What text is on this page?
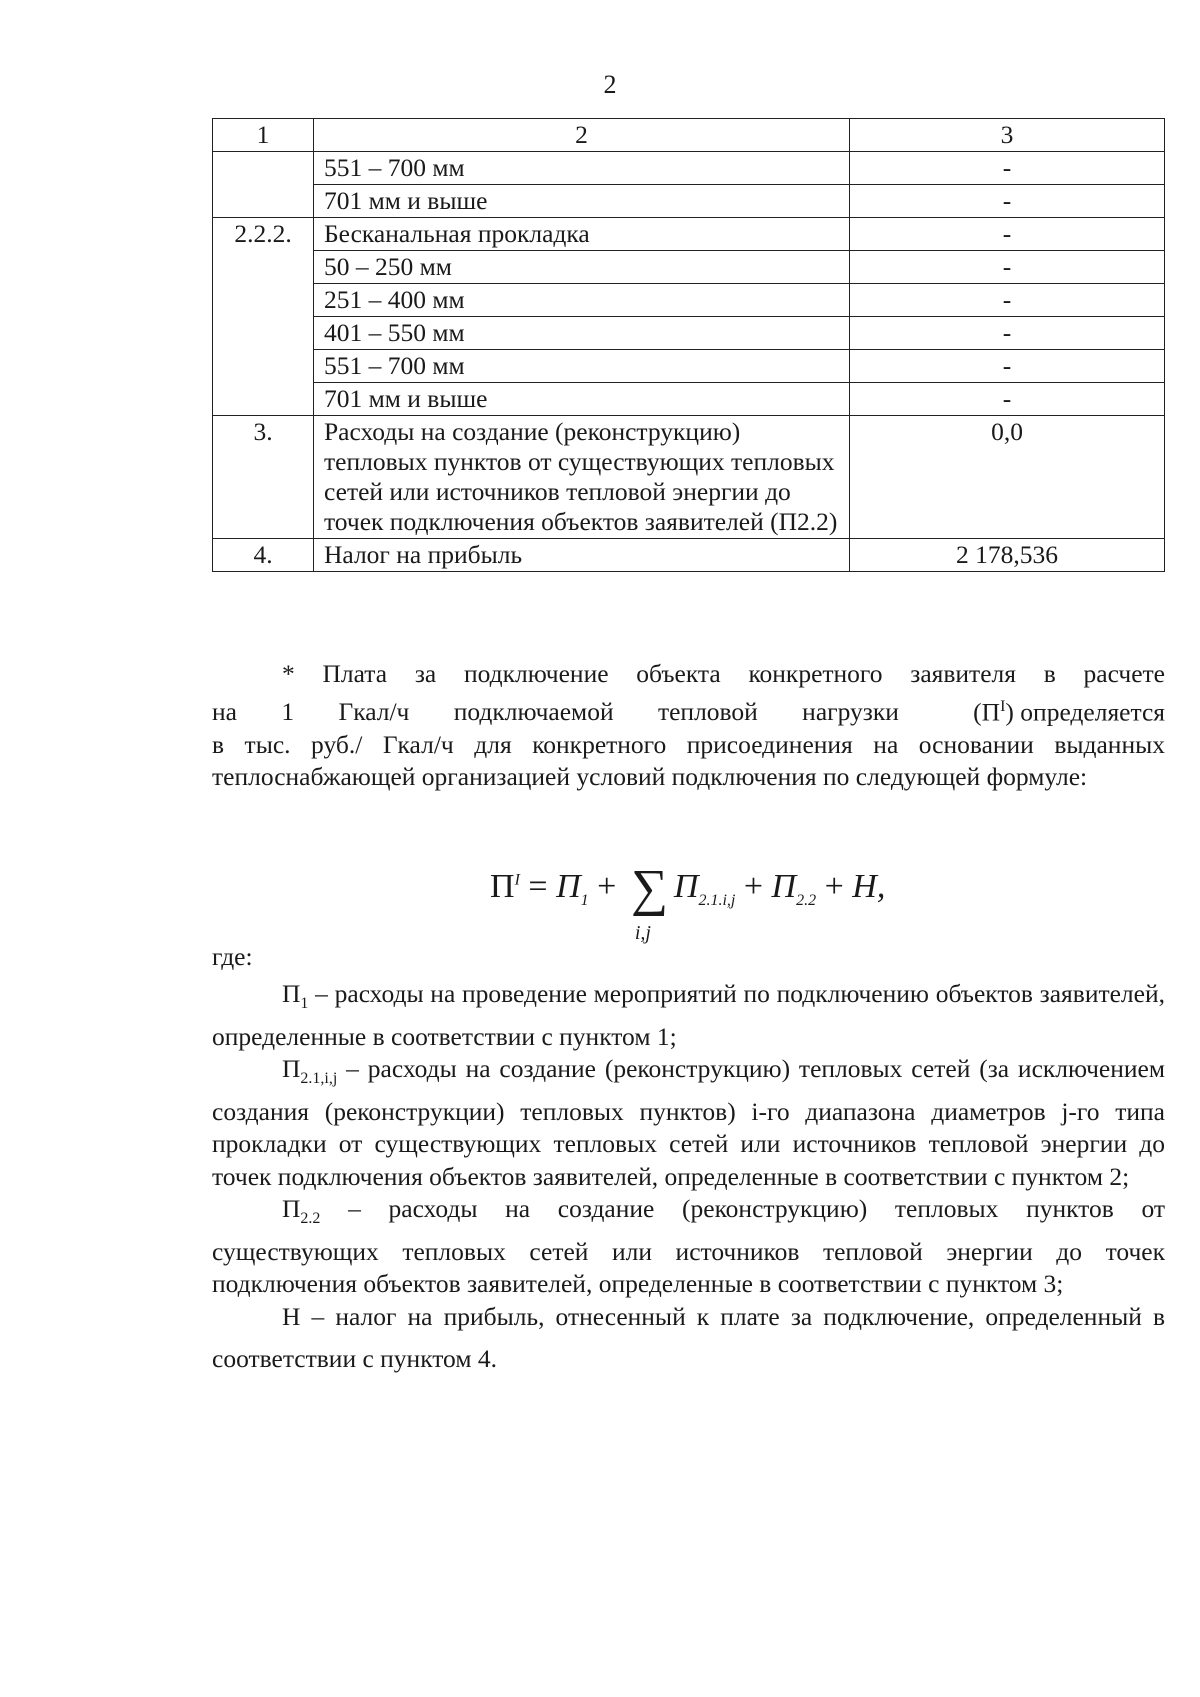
2
1	2	3
	551 – 700 мм	-
	701 мм и выше	-
2.2.2.	Бесканальная прокладка	-
	50 – 250 мм	-
	251 – 400 мм	-
	401 – 550 мм	-
	551 – 700 мм	-
	701 мм и выше	-
3.	Расходы на создание (реконструкцию) тепловых пунктов от существующих тепловых сетей или источников тепловой энергии до точек подключения объектов заявителей (П2.2)	0,0
4.	Налог на прибыль	2 178,536

* Плата за подключение объекта конкретного заявителя в расчете

на 1 Гкал/ч подключаемой тепловой нагрузки	$(П^I)$ определяется

в тыс. руб./ Гкал/ч для конкретного присоединения на основании выданных теплоснабжающей организацией условий подключения по следующей формуле:

$П^I = П_1$ + ∑
i,j
$П_{2.1.i,j} + П_{2.2} + Н$,
где:

$П_1$ – расходы на проведение мероприятий по подключению объектов заявителей, определенные в соответствии с пунктом 1;

$П_{2.1,i,j}$ – расходы на создание (реконструкцию) тепловых сетей (за исключением создания (реконструкции) тепловых пунктов) i-го диапазона диаметров j-го типа прокладки от существующих тепловых сетей или источников тепловой энергии до точек подключения объектов заявителей, определенные в соответствии с пунктом 2;

$П_{2.2}$ – расходы на создание (реконструкцию) тепловых пунктов от существующих тепловых сетей или источников тепловой энергии до точек подключения объектов заявителей, определенные в соответствии с пунктом 3;

Н – налог на прибыль, отнесенный к плате за подключение, определенный в соответствии с пунктом 4.
